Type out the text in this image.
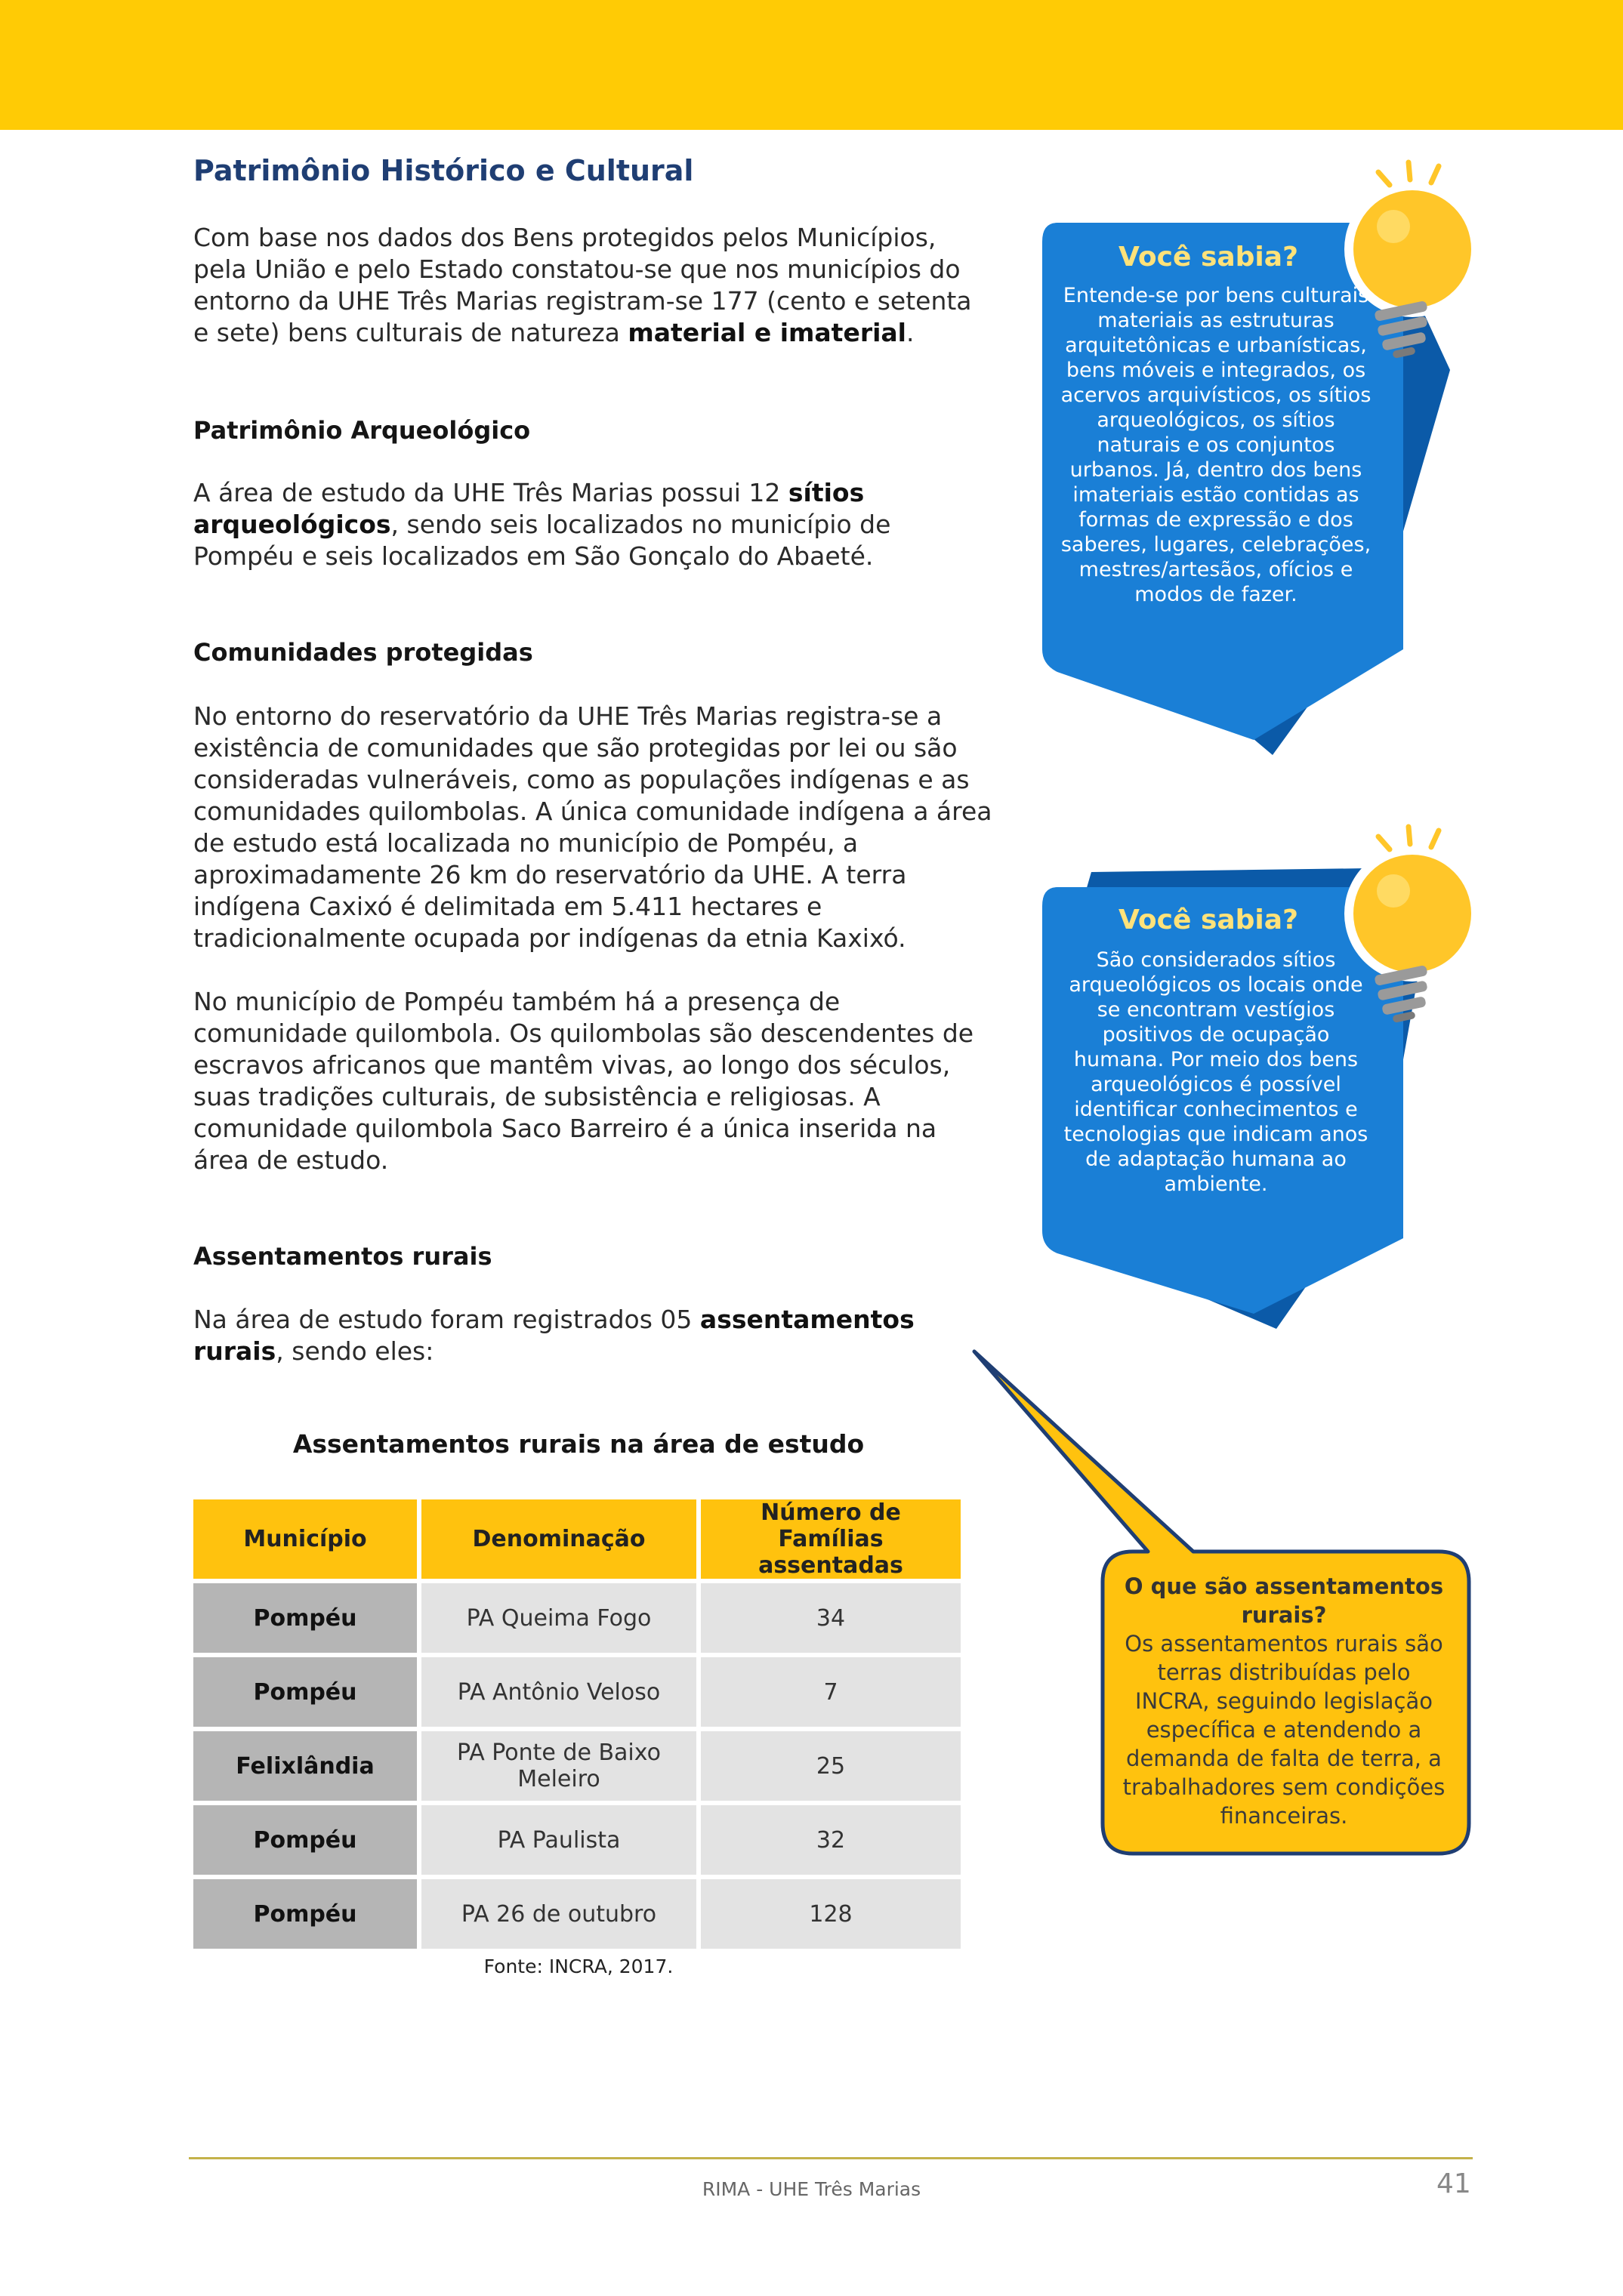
Patrimônio Histórico e Cultural
Com base nos dados dos Bens protegidos pelos Municípios, pela União e pelo Estado constatou-se que nos municípios do entorno da UHE Três Marias registram-se 177 (cento e setenta e sete) bens culturais de natureza material e imaterial.
Patrimônio Arqueológico
A área de estudo da UHE Três Marias possui 12 sítios arqueológicos, sendo seis localizados no município de Pompéu e seis localizados em São Gonçalo do Abaeté.
Comunidades protegidas
No entorno do reservatório da UHE Três Marias registra-se a existência de comunidades que são protegidas por lei ou são consideradas vulneráveis, como as populações indígenas e as comunidades quilombolas. A única comunidade indígena a área de estudo está localizada no município de Pompéu, a aproximadamente 26 km do reservatório da UHE. A terra indígena Caxixó é delimitada em 5.411 hectares e tradicionalmente ocupada por indígenas da etnia Kaxixó.
No município de Pompéu também há a presença de comunidade quilombola. Os quilombolas são descendentes de escravos africanos que mantêm vivas, ao longo dos séculos, suas tradições culturais, de subsistência e religiosas. A comunidade quilombola Saco Barreiro é a única inserida na área de estudo.
Assentamentos rurais
Na área de estudo foram registrados 05 assentamentos rurais, sendo eles:
Você sabia?
Entende-se por bens culturais materiais as estruturas arquitetônicas e urbanísticas, bens móveis e integrados, os acervos arquivísticos, os sítios arqueológicos, os sítios naturais e os conjuntos urbanos. Já, dentro dos bens imateriais estão contidas as formas de expressão e dos saberes, lugares, celebrações, mestres/artesãos, ofícios e modos de fazer.
Você sabia?
São considerados sítios arqueológicos os locais onde se encontram vestígios positivos de ocupação humana. Por meio dos bens arqueológicos é possível identificar conhecimentos e tecnologias que indicam anos de adaptação humana ao ambiente.
Assentamentos rurais na área de estudo
Município	Denominação	Número de Famílias assentadas
Pompéu	PA Queima Fogo	34
Pompéu	PA Antônio Veloso	7
Felixlândia	PA Ponte de Baixo Meleiro	25
Pompéu	PA Paulista	32
Pompéu	PA 26 de outubro	128
Fonte: INCRA, 2017.
O que são assentamentos rurais?
Os assentamentos rurais são terras distribuídas pelo INCRA, seguindo legislação específica e atendendo a demanda de falta de terra, a trabalhadores sem condições financeiras.
RIMA - UHE Três Marias	41
